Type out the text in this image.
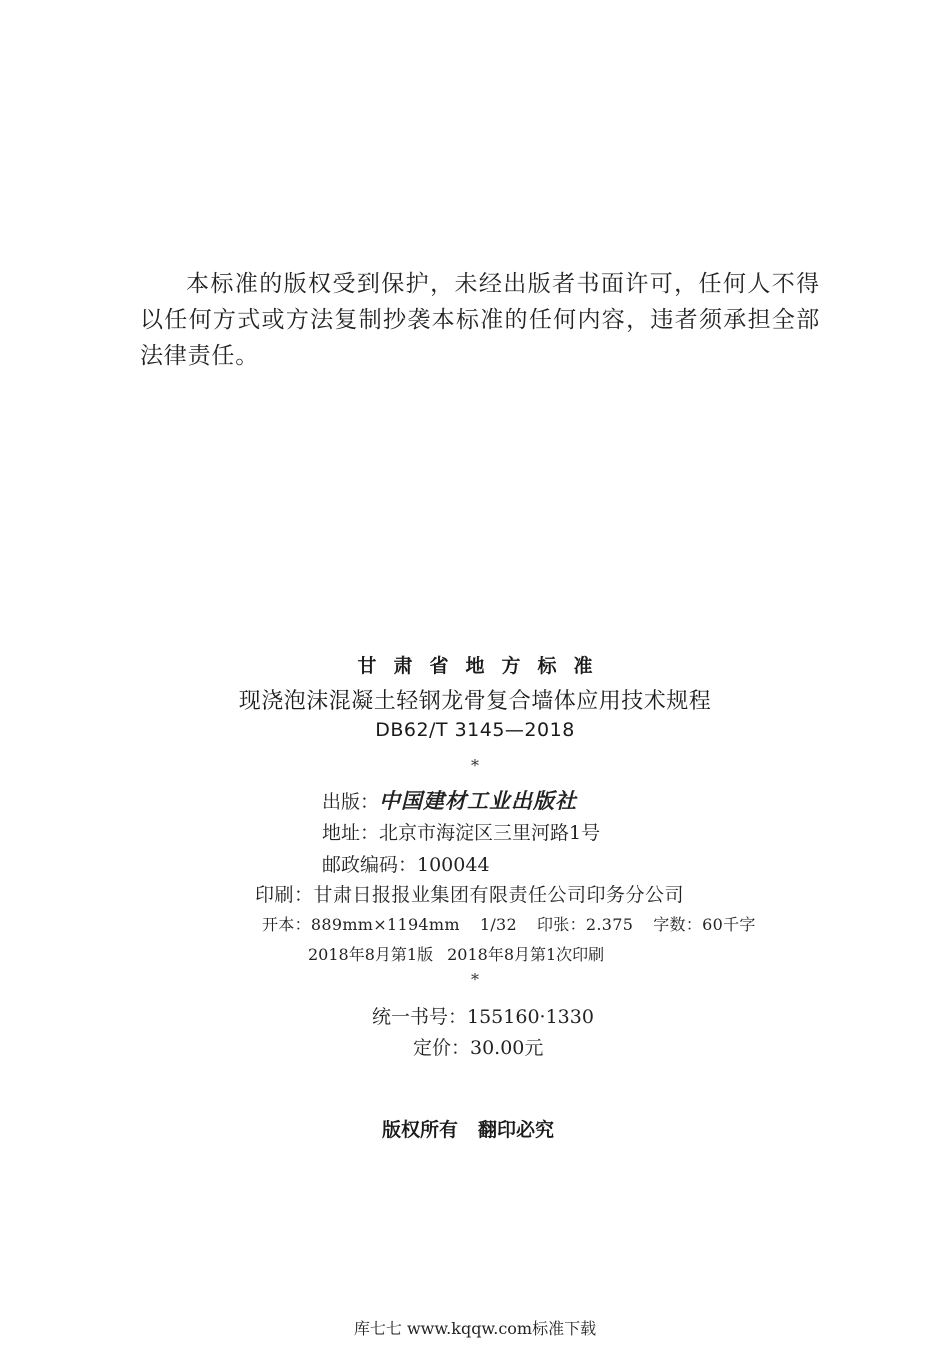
本标准的版权受到保护，未经出版者书面许可，任何人不得以任何方式或方法复制抄袭本标准的任何内容，违者须承担全部法律责任。

甘肃省地方标准
现浇泡沫混凝土轻钢龙骨复合墙体应用技术规程
DB62/T 3145—2018
*
出版：中国建材工业出版社
地址：北京市海淀区三里河路1号
邮政编码：100044
印刷：甘肃日报报业集团有限责任公司印务分公司
开本：889mm×1194mm 1/32 印张：2.375 字数：60千字
2018年8月第1版 2018年8月第1次印刷
*
统一书号：155160·1330
定价：30.00元
版权所有 翻印必究
库七七 www.kqqw.com标准下载
